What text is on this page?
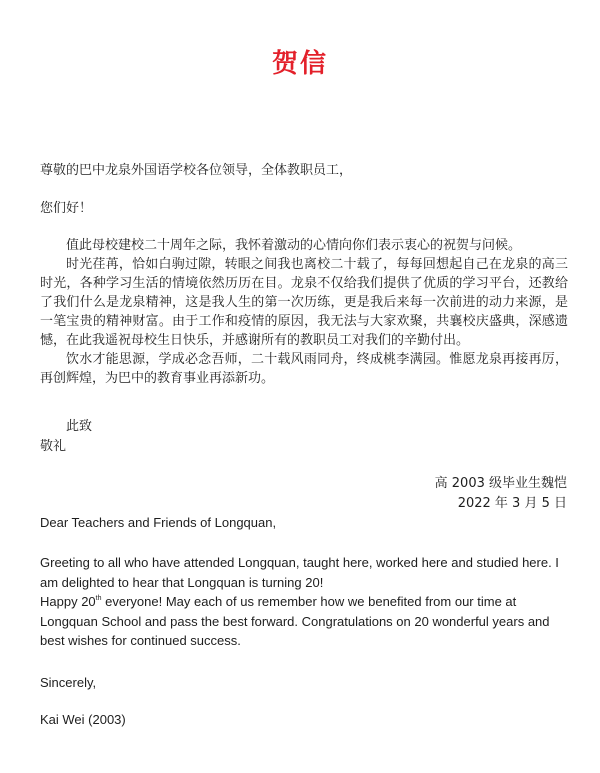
贺信
尊敬的巴中龙泉外国语学校各位领导，全体教职员工，
您们好！

值此母校建校二十周年之际，我怀着激动的心情向你们表示衷心的祝贺与问候。

时光荏苒，恰如白驹过隙，转眼之间我也离校二十载了，每每回想起自己在龙泉的高三时光，各种学习生活的情境依然历历在目。龙泉不仅给我们提供了优质的学习平台，还教给了我们什么是龙泉精神，这是我人生的第一次历练，更是我后来每一次前进的动力来源，是一笔宝贵的精神财富。由于工作和疫情的原因，我无法与大家欢聚，共襄校庆盛典，深感遗憾，在此我遥祝母校生日快乐，并感谢所有的教职员工对我们的辛勤付出。

饮水才能思源，学成必念吾师，二十载风雨同舟，终成桃李满园。惟愿龙泉再接再厉，再创辉煌，为巴中的教育事业再添新功。

此致
敬礼
高 2003 级毕业生魏恺
2022 年 3 月 5 日
Dear Teachers and Friends of Longquan,

Greeting to all who have attended Longquan, taught here, worked here and studied here. I am delighted to hear that Longquan is turning 20!

Happy 20th everyone! May each of us remember how we benefited from our time at Longquan School and pass the best forward. Congratulations on 20 wonderful years and best wishes for continued success.

Sincerely,
Kai Wei (2003)
